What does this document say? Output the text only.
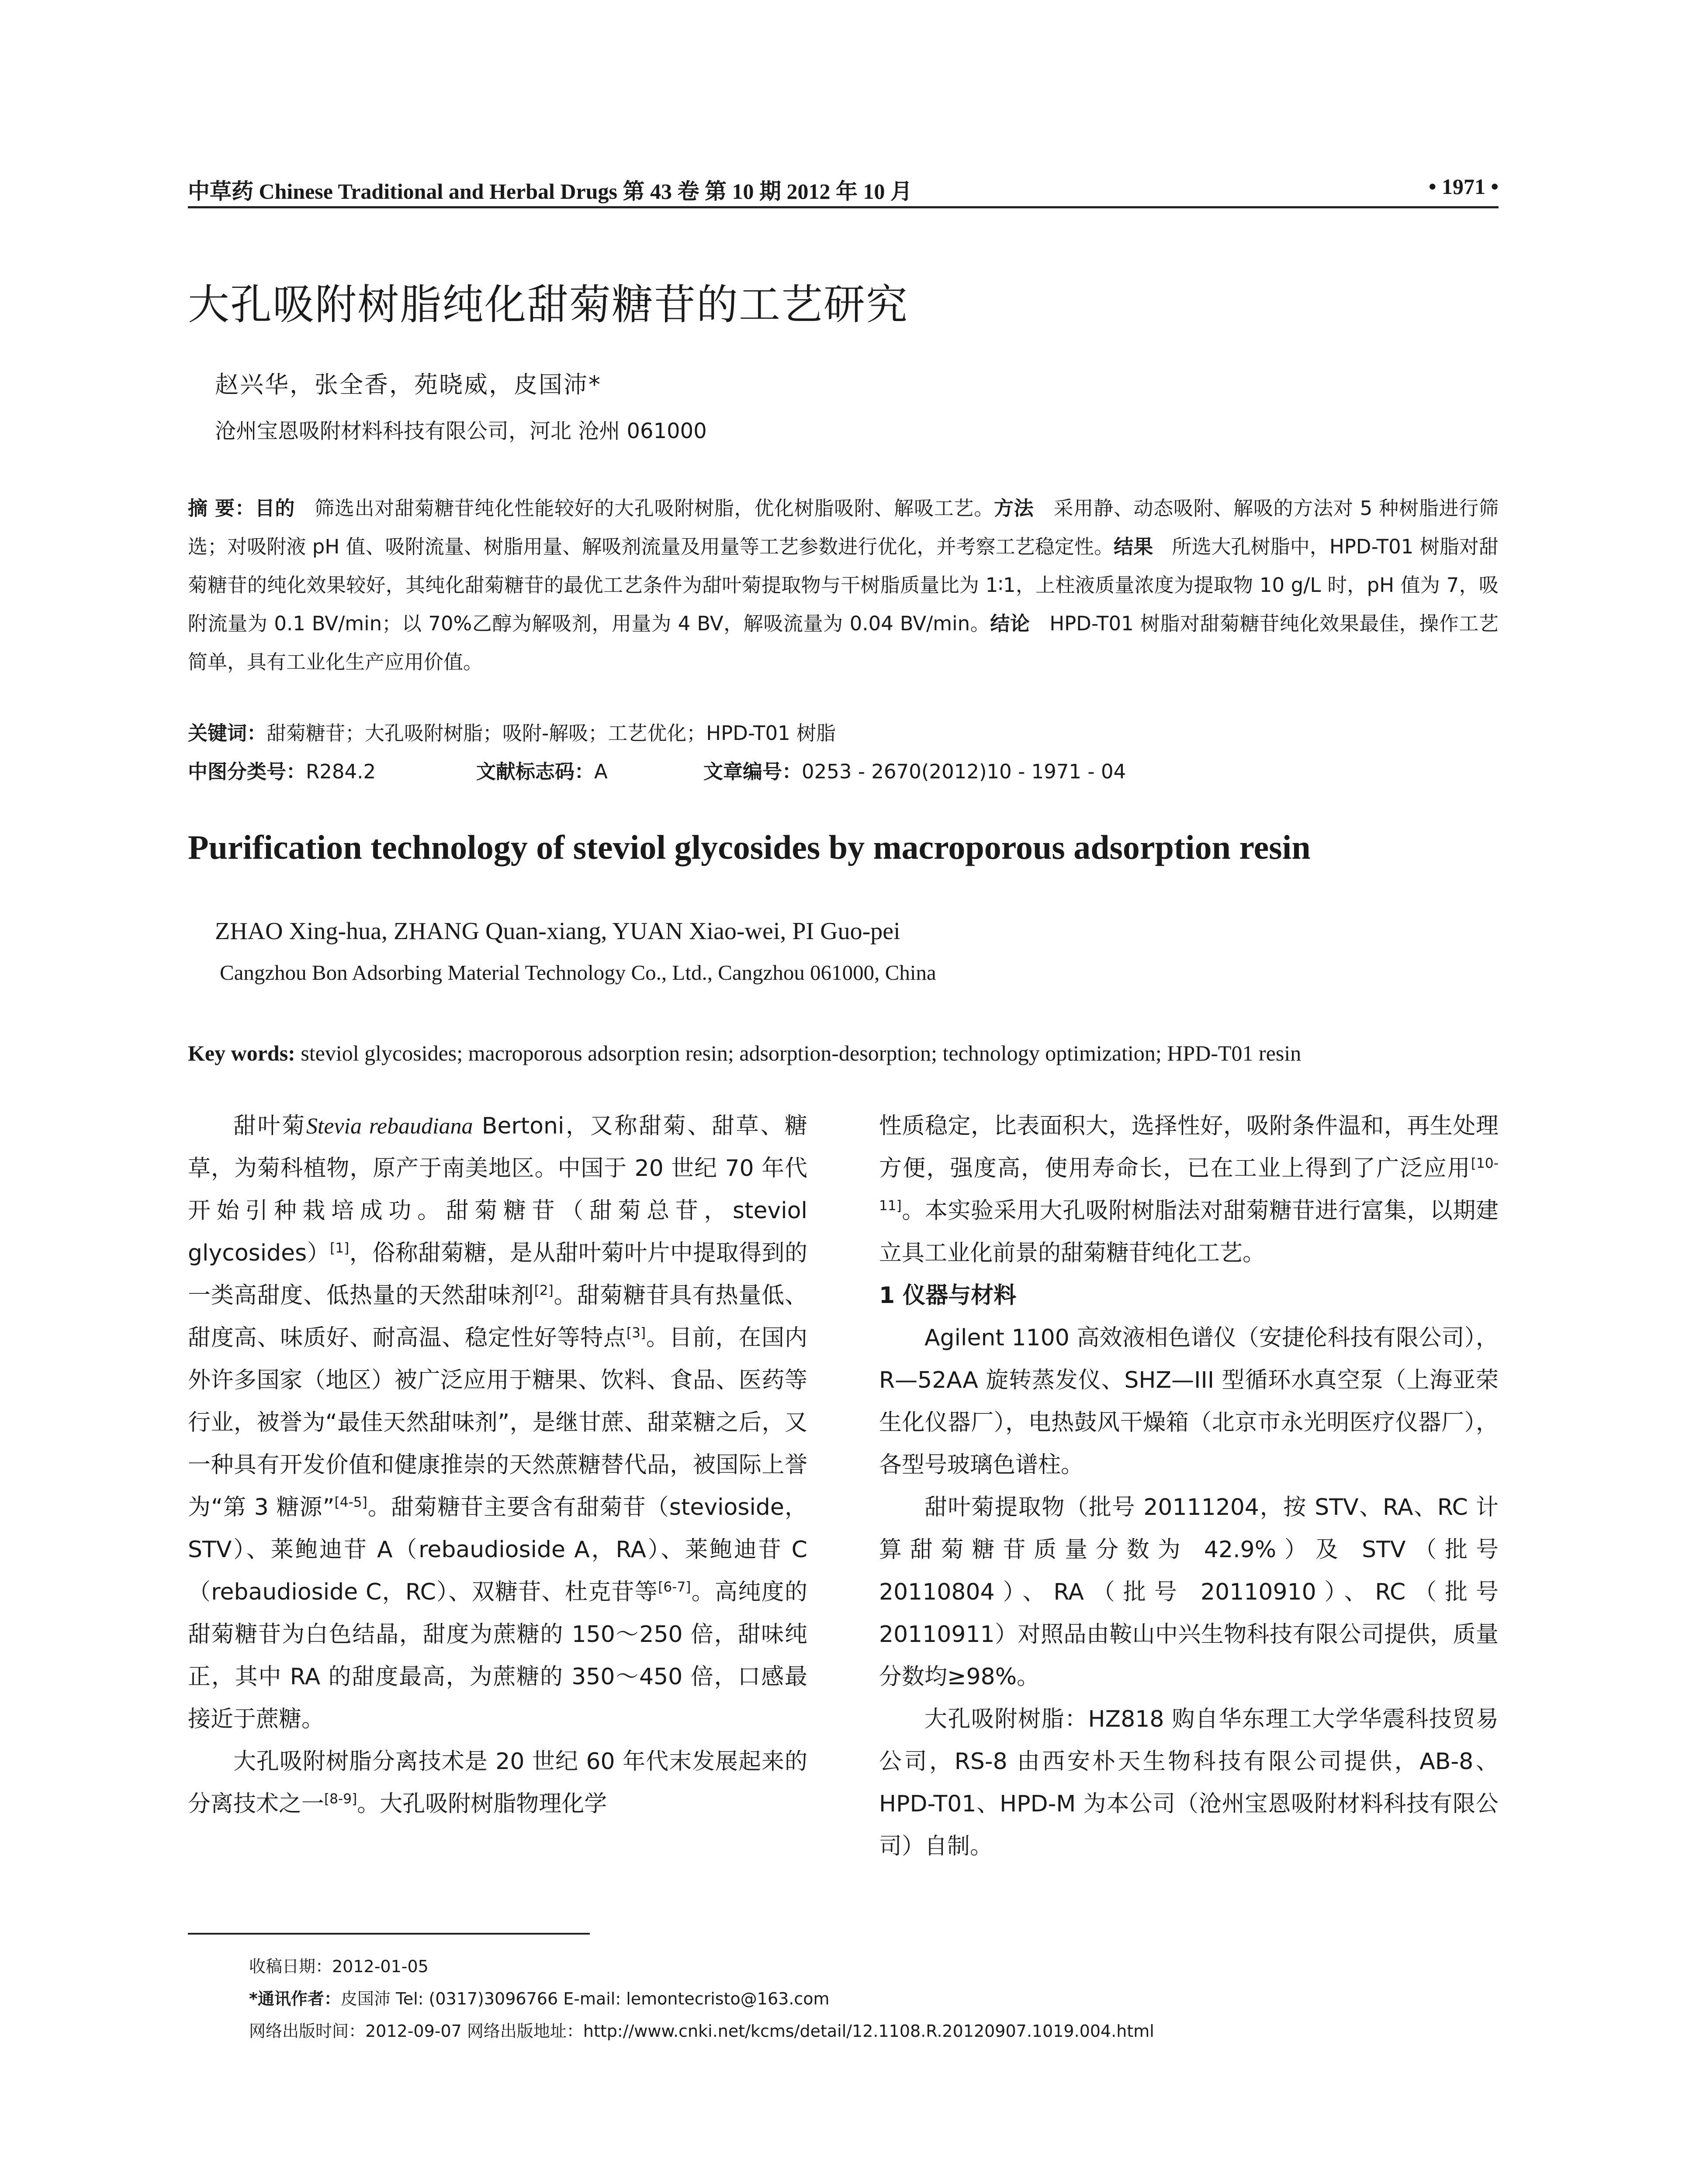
中草药 Chinese Traditional and Herbal Drugs 第 43 卷 第 10 期 2012 年 10 月	• 1971 •
大孔吸附树脂纯化甜菊糖苷的工艺研究
赵兴华，张全香，苑晓威，皮国沛*
沧州宝恩吸附材料科技有限公司，河北 沧州 061000
摘 要：目的 筛选出对甜菊糖苷纯化性能较好的大孔吸附树脂，优化树脂吸附、解吸工艺。方法 采用静、动态吸附、解吸的方法对 5 种树脂进行筛选；对吸附液 pH 值、吸附流量、树脂用量、解吸剂流量及用量等工艺参数进行优化，并考察工艺稳定性。结果 所选大孔树脂中，HPD-T01 树脂对甜菊糖苷的纯化效果较好，其纯化甜菊糖苷的最优工艺条件为甜叶菊提取物与干树脂质量比为 1∶1，上柱液质量浓度为提取物 10 g/L 时，pH 值为 7，吸附流量为 0.1 BV/min；以 70%乙醇为解吸剂，用量为 4 BV，解吸流量为 0.04 BV/min。结论 HPD-T01 树脂对甜菊糖苷纯化效果最佳，操作工艺简单，具有工业化生产应用价值。
关键词：甜菊糖苷；大孔吸附树脂；吸附-解吸；工艺优化；HPD-T01 树脂
中图分类号：R284.2	文献标志码：A	文章编号：0253 - 2670(2012)10 - 1971 - 04
Purification technology of steviol glycosides by macroporous adsorption resin
ZHAO Xing-hua, ZHANG Quan-xiang, YUAN Xiao-wei, PI Guo-pei
Cangzhou Bon Adsorbing Material Technology Co., Ltd., Cangzhou 061000, China
Key words: steviol glycosides; macroporous adsorption resin; adsorption-desorption; technology optimization; HPD-T01 resin

甜叶菊Stevia rebaudiana Bertoni，又称甜菊、甜草、糖草，为菊科植物，原产于南美地区。中国于 20 世纪 70 年代开始引种栽培成功。甜菊糖苷（甜菊总苷，steviol glycosides）[1]，俗称甜菊糖，是从甜叶菊叶片中提取得到的一类高甜度、低热量的天然甜味剂[2]。甜菊糖苷具有热量低、甜度高、味质好、耐高温、稳定性好等特点[3]。目前，在国内外许多国家（地区）被广泛应用于糖果、饮料、食品、医药等行业，被誉为“最佳天然甜味剂”，是继甘蔗、甜菜糖之后，又一种具有开发价值和健康推崇的天然蔗糖替代品，被国际上誉为“第 3 糖源”[4-5]。甜菊糖苷主要含有甜菊苷（stevioside，STV）、莱鲍迪苷 A（rebaudioside A，RA）、莱鲍迪苷 C（rebaudioside C，RC）、双糖苷、杜克苷等[6-7]。高纯度的甜菊糖苷为白色结晶，甜度为蔗糖的 150～250 倍，甜味纯正，其中 RA 的甜度最高，为蔗糖的 350～450 倍，口感最接近于蔗糖。

大孔吸附树脂分离技术是 20 世纪 60 年代末发展起来的分离技术之一[8-9]。大孔吸附树脂物理化学

性质稳定，比表面积大，选择性好，吸附条件温和，再生处理方便，强度高，使用寿命长，已在工业上得到了广泛应用[10-11]。本实验采用大孔吸附树脂法对甜菊糖苷进行富集，以期建立具工业化前景的甜菊糖苷纯化工艺。

1 仪器与材料

Agilent 1100 高效液相色谱仪（安捷伦科技有限公司），R—52AA 旋转蒸发仪、SHZ—III 型循环水真空泵（上海亚荣生化仪器厂），电热鼓风干燥箱（北京市永光明医疗仪器厂），各型号玻璃色谱柱。

甜叶菊提取物（批号 20111204，按 STV、RA、RC 计算甜菊糖苷质量分数为 42.9%）及 STV（批号 20110804）、RA（批号 20110910）、RC（批号 20110911）对照品由鞍山中兴生物科技有限公司提供，质量分数均≥98%。

大孔吸附树脂：HZ818 购自华东理工大学华震科技贸易公司，RS-8 由西安朴天生物科技有限公司提供，AB-8、HPD-T01、HPD-M 为本公司（沧州宝恩吸附材料科技有限公司）自制。

收稿日期：2012-01-05
*通讯作者：皮国沛 Tel: (0317)3096766 E-mail: lemontecristo@163.com
网络出版时间：2012-09-07 网络出版地址：http://www.cnki.net/kcms/detail/12.1108.R.20120907.1019.004.html
